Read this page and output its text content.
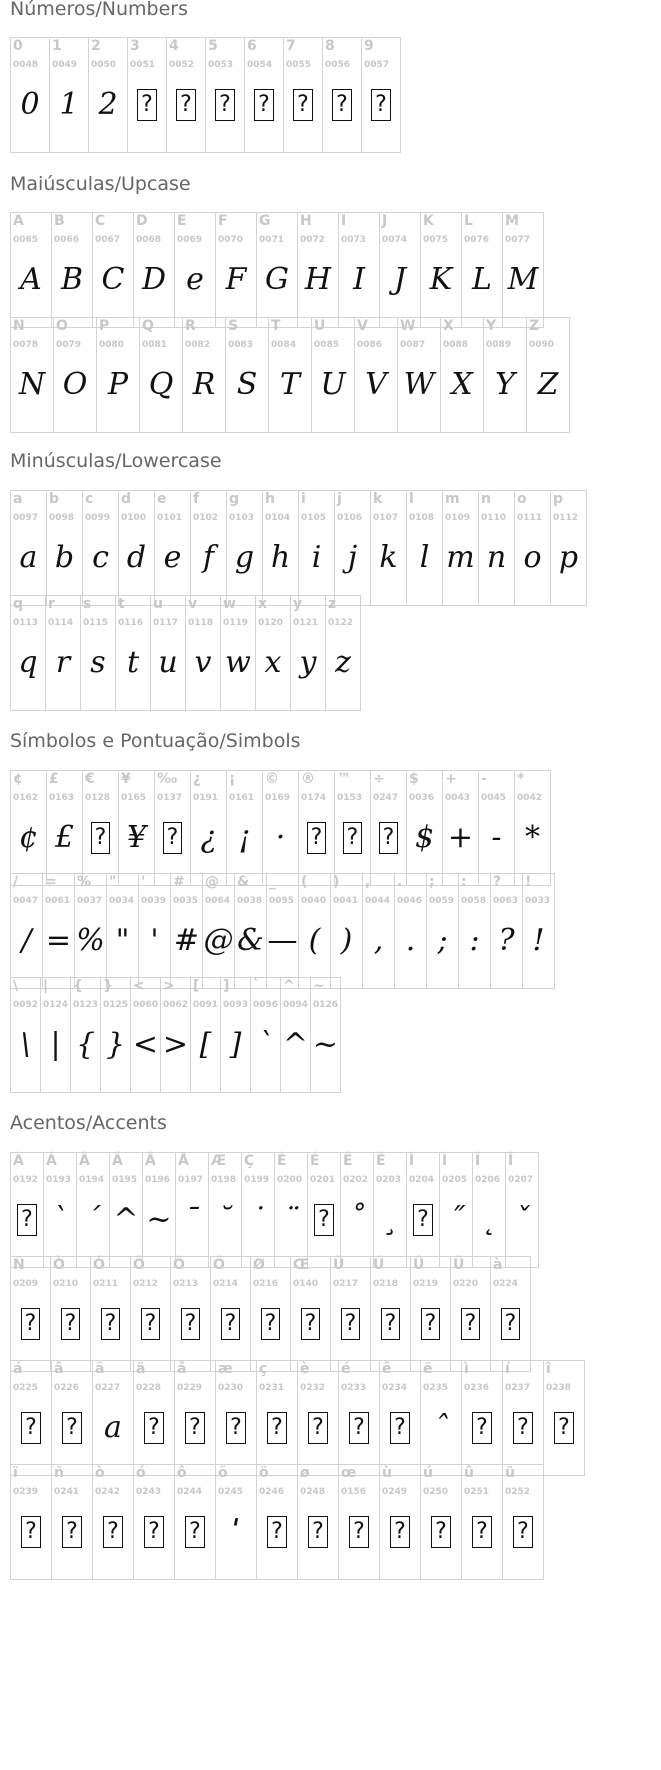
Números/Numbers
0
0048
0
1
0049
1
2
0050
2
3
0051
?
4
0052
?
5
0053
?
6
0054
?
7
0055
?
8
0056
?
9
0057
?
Maiúsculas/Upcase
A
0065
A
B
0066
B
C
0067
C
D
0068
D
E
0069
e
F
0070
F
G
0071
G
H
0072
H
I
0073
I
J
0074
J
K
0075
K
L
0076
L
M
0077
M
N
0078
N
O
0079
O
P
0080
P
Q
0081
Q
R
0082
R
S
0083
S
T
0084
T
U
0085
U
V
0086
V
W
0087
W
X
0088
X
Y
0089
Y
Z
0090
Z
Minúsculas/Lowercase
a
0097
a
b
0098
b
c
0099
c
d
0100
d
e
0101
e
f
0102
f
g
0103
g
h
0104
h
i
0105
i
j
0106
j
k
0107
k
l
0108
l
m
0109
m
n
0110
n
o
0111
o
p
0112
p
q
0113
q
r
0114
r
s
0115
s
t
0116
t
u
0117
u
v
0118
v
w
0119
w
x
0120
x
y
0121
y
z
0122
z
Símbolos e Pontuação/Simbols
¢
0162
¢
£
0163
£
€
0128
?
¥
0165
¥
‰
0137
?
¿
0191
¿
¡
0161
¡
©
0169
·
®
0174
?
™
0153
?
÷
0247
?
$
0036
$
+
0043
+
-
0045
-
*
0042
*
/
0047
/
=
0061
=
%
0037
%
"
0034
"
'
0039
'
#
0035
#
@
0064
@
&
0038
&
_
0095
—
(
0040
(
)
0041
)
,
0044
,
.
0046
.
;
0059
;
:
0058
:
?
0063
?
!
0033
!
\
0092
\
|
0124
|
{
0123
{
}
0125
}
<
0060
<
>
0062
>
[
0091
[
]
0093
]
`
0096
`
^
0094
^
~
0126
~
Acentos/Accents
À
0192
?
Á
0193
`
Â
0194
´
Ã
0195
^
Ä
0196
~
Å
0197
¯
Æ
0198
˘
Ç
0199
˙
È
0200
¨
É
0201
?
Ê
0202
˚
Ë
0203
¸
Ì
0204
?
Í
0205
˝
Î
0206
˛
Ï
0207
ˇ
Ñ
0209
?
Ò
0210
?
Ó
0211
?
Ô
0212
?
Õ
0213
?
Ö
0214
?
Ø
0216
?
Œ
0140
?
Ù
0217
?
Ú
0218
?
Û
0219
?
Ü
0220
?
à
0224
?
á
0225
?
â
0226
?
ã
0227
a
ä
0228
?
å
0229
?
æ
0230
?
ç
0231
?
è
0232
?
é
0233
?
ê
0234
?
ë
0235
ˆ
ì
0236
?
í
0237
?
î
0238
?
ï
0239
?
ñ
0241
?
ò
0242
?
ó
0243
?
ô
0244
?
õ
0245
ˈ
ö
0246
?
ø
0248
?
œ
0156
?
ù
0249
?
ú
0250
?
û
0251
?
ü
0252
?
